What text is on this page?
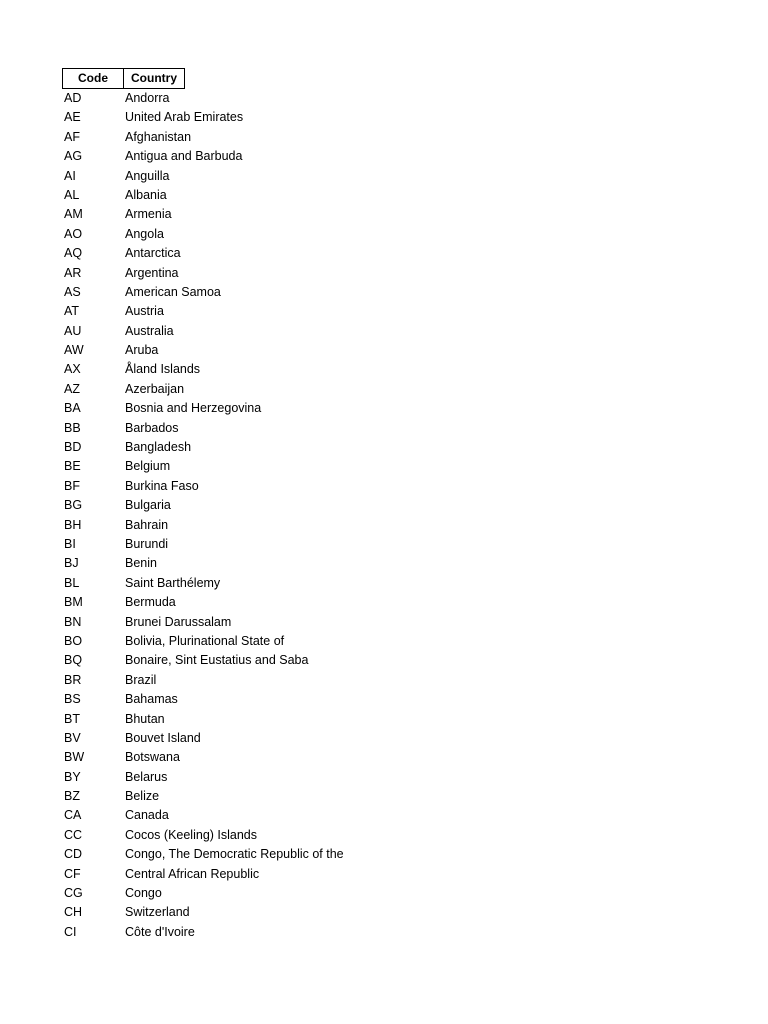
Code	Country
AD	Andorra
AE	United Arab Emirates
AF	Afghanistan
AG	Antigua and Barbuda
AI	Anguilla
AL	Albania
AM	Armenia
AO	Angola
AQ	Antarctica
AR	Argentina
AS	American Samoa
AT	Austria
AU	Australia
AW	Aruba
AX	Åland Islands
AZ	Azerbaijan
BA	Bosnia and Herzegovina
BB	Barbados
BD	Bangladesh
BE	Belgium
BF	Burkina Faso
BG	Bulgaria
BH	Bahrain
BI	Burundi
BJ	Benin
BL	Saint Barthélemy
BM	Bermuda
BN	Brunei Darussalam
BO	Bolivia, Plurinational State of
BQ	Bonaire, Sint Eustatius and Saba
BR	Brazil
BS	Bahamas
BT	Bhutan
BV	Bouvet Island
BW	Botswana
BY	Belarus
BZ	Belize
CA	Canada
CC	Cocos (Keeling) Islands
CD	Congo, The Democratic Republic of the
CF	Central African Republic
CG	Congo
CH	Switzerland
CI	Côte d'Ivoire
